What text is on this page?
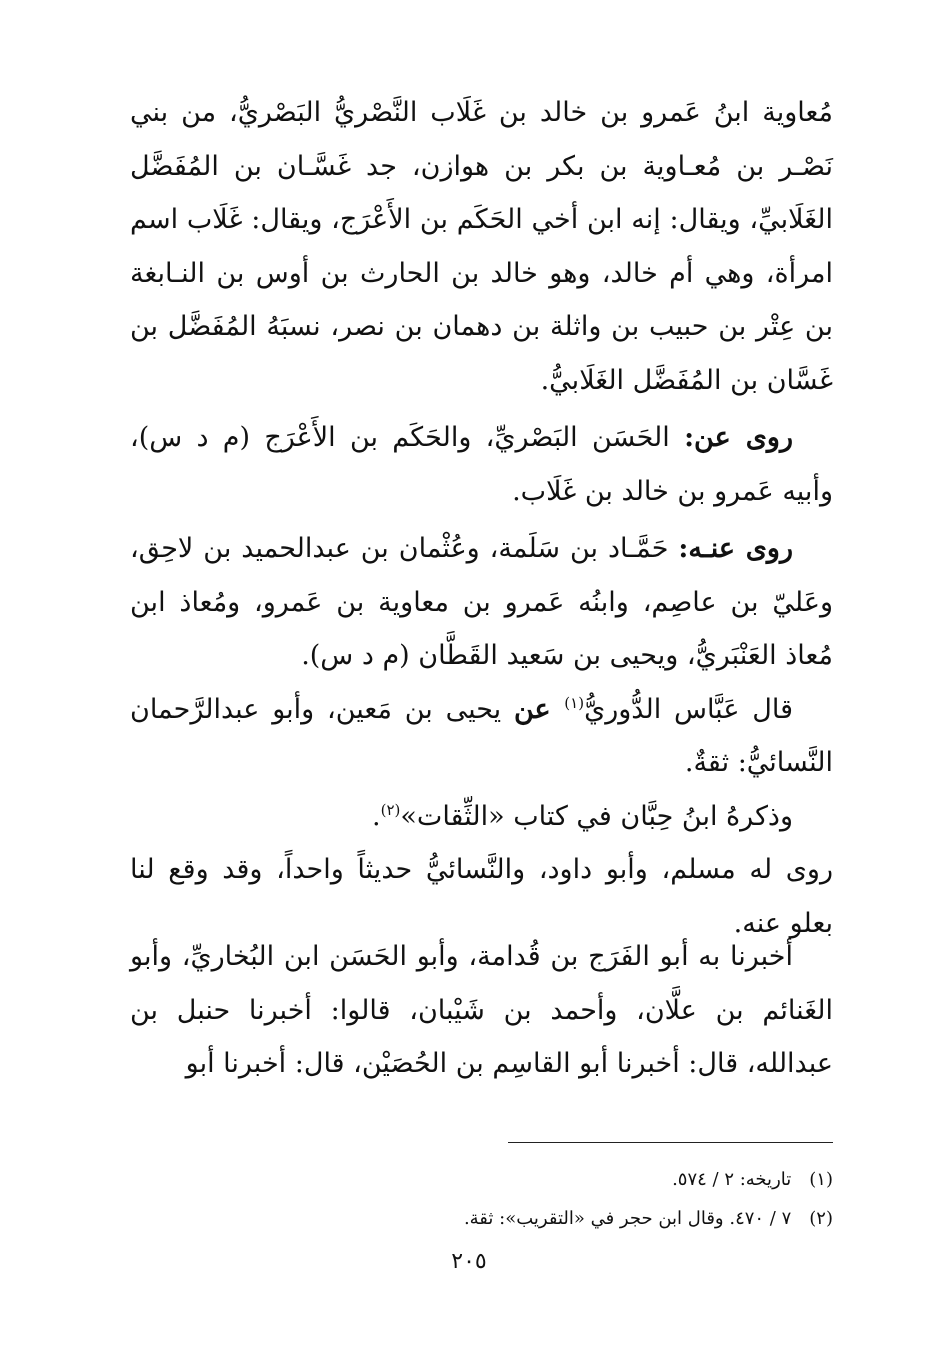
مُعاوية ابنُ عَمرو بن خالد بن غَلَاب النَّصْريُّ البَصْريُّ، من بني نَصْـر بن مُعـاوية بن بكر بن هوازن، جد غَسَّـان بن المُفَضَّل الغَلَابيِّ، ويقال: إنه ابن أخي الحَكَم بن الأَعْرَج، ويقال: غَلَاب اسم امرأة، وهي أم خالد، وهو خالد بن الحارث بن أوس بن النـابغة بن عِتْر بن حبيب بن واثلة بن دهمان بن نصر، نسبَهُ المُفَضَّل بن غَسَّان بن المُفَضَّل الغَلَابيُّ.

روى عن: الحَسَن البَصْريِّ، والحَكَم بن الأَعْرَج (م د س)، وأبيه عَمرو بن خالد بن غَلَاب.

روى عنـه: حَمَّـاد بن سَلَمة، وعُثْمان بن عبدالحميد بن لاحِق، وعَليّ بن عاصِم، وابنُه عَمرو بن معاوية بن عَمرو، ومُعاذ ابن مُعاذ العَنْبَريُّ، ويحيى بن سَعيد القَطَّان (م د س).

قال عَبَّاس الدُّوريُّ$^{(١)}$ عن يحيى بن مَعين، وأبو عبدالرَّحمان النَّسائيُّ: ثقةٌ.

وذكرهُ ابنُ حِبَّان في كتاب «الثِّقات»$^{(٢)}$.

روى له مسلم، وأبو داود، والنَّسائيُّ حديثاً واحداً، وقد وقع لنا بعلو عنه.

أخبرنا به أبو الفَرَج بن قُدامة، وأبو الحَسَن ابن البُخاريِّ، وأبو الغَنائم بن علَّان، وأحمد بن شَيْبان، قالوا: أخبرنا حنبل بن عبدالله، قال: أخبرنا أبو القاسِم بن الحُصَيْن، قال: أخبرنا أبو

(١)تاريخه: ٢ / ٥٧٤.
(٢)٧ / ٤٧٠. وقال ابن حجر في «التقريب»: ثقة.
٢٠٥
